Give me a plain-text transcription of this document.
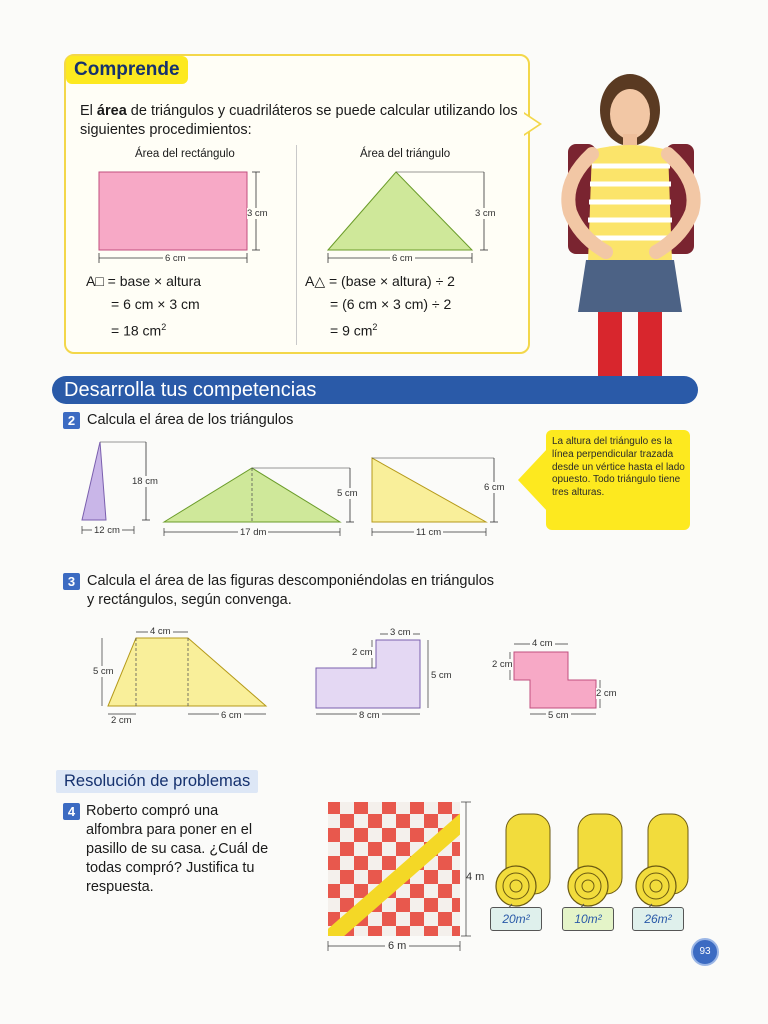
Comprende
El área de triángulos y cuadriláteros se puede calcular utilizando los siguientes procedimientos:
Área del rectángulo
3 cm
6 cm
Área del triángulo
3 cm
6 cm
A□ = base × altura
= 6 cm × 3 cm
= 18 $cm^2$
A△ = (base × altura) ÷ 2
= (6 cm × 3 cm) ÷ 2
= 9 $cm^2$
Desarrolla tus competencias
2 Calcula el área de los triángulos
18 cm
12 cm
5 cm
17 dm
6 cm
11 cm
La altura del triángulo es la línea perpendicular trazada desde un vértice hasta el lado opuesto. Todo triángulo tiene tres alturas.
3 Calcula el área de las figuras descomponiéndolas en triángulos
y rectángulos, según convenga.
4 cm
5 cm
2 cm	6 cm
3 cm
2 cm
5 cm
8 cm
4 cm
2 cm
2 cm
5 cm
Resolución de problemas
4 Roberto compró una alfombra para poner en el pasillo de su casa. ¿Cuál de todas compró? Justifica tu respuesta.
6 m
4 m
20m²	10m²	26m²
93
